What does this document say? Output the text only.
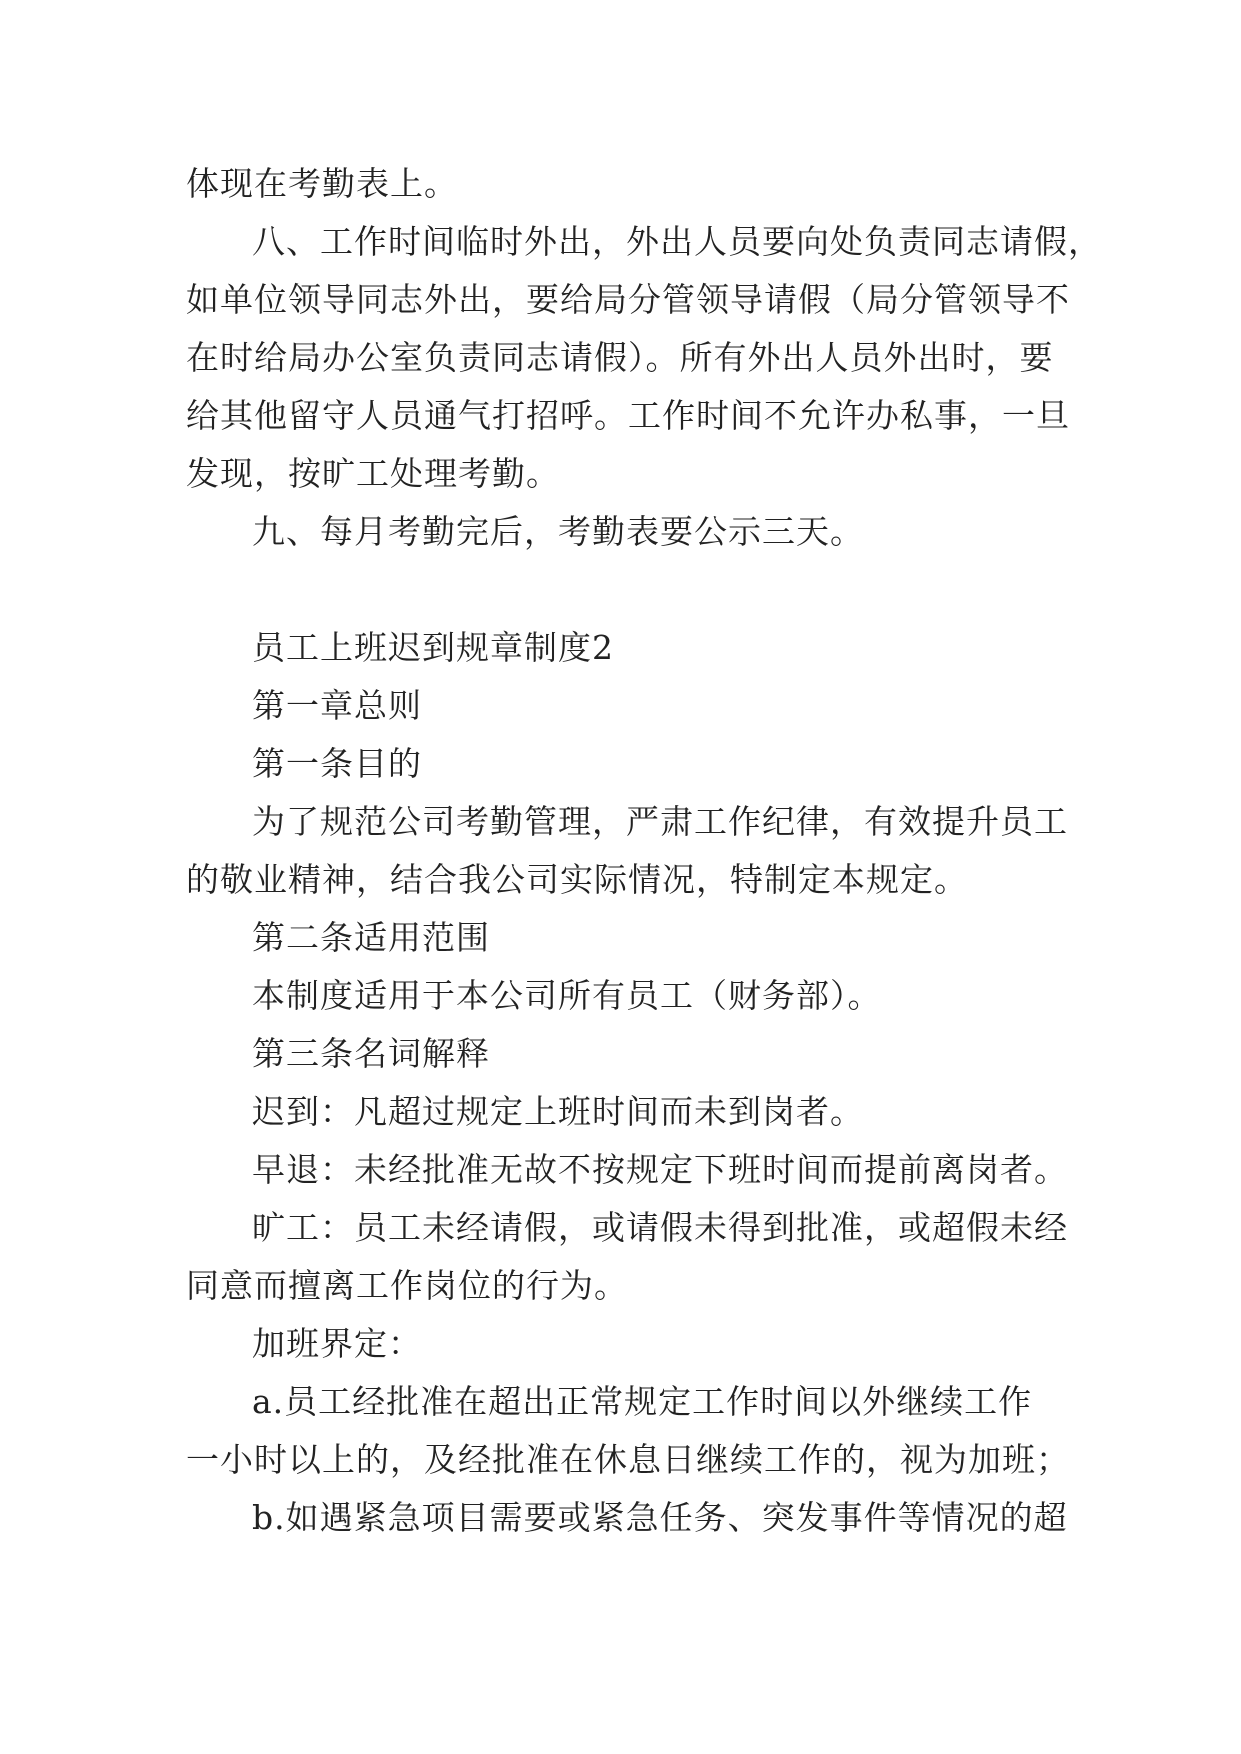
体现在考勤表上。
八、工作时间临时外出，外出人员要向处负责同志请假，
如单位领导同志外出，要给局分管领导请假（局分管领导不
在时给局办公室负责同志请假）。所有外出人员外出时，要
给其他留守人员通气打招呼。工作时间不允许办私事，一旦
发现，按旷工处理考勤。
九、每月考勤完后，考勤表要公示三天。
员工上班迟到规章制度2
第一章总则
第一条目的
为了规范公司考勤管理，严肃工作纪律，有效提升员工
的敬业精神，结合我公司实际情况，特制定本规定。
第二条适用范围
本制度适用于本公司所有员工（财务部）。
第三条名词解释
迟到：凡超过规定上班时间而未到岗者。
早退：未经批准无故不按规定下班时间而提前离岗者。
旷工：员工未经请假，或请假未得到批准，或超假未经
同意而擅离工作岗位的行为。
加班界定：
a.员工经批准在超出正常规定工作时间以外继续工作
一小时以上的，及经批准在休息日继续工作的，视为加班；
b.如遇紧急项目需要或紧急任务、突发事件等情况的超
